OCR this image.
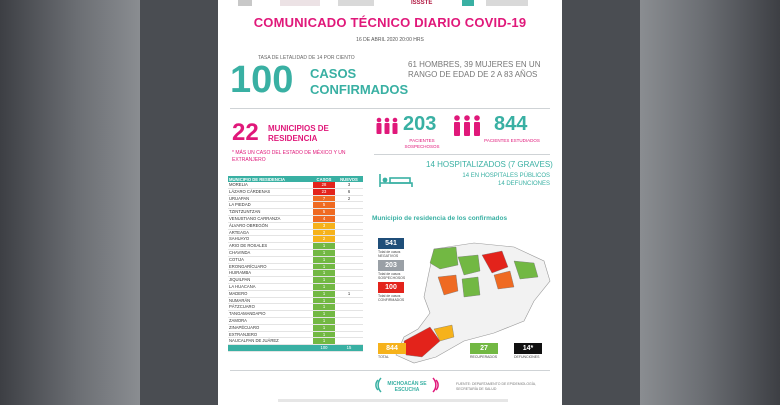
ISSSTE
COMUNICADO TÉCNICO DIARIO COVID-19
16 DE ABRIL 2020 20:00 HRS
TASA DE LETALIDAD DE 14 POR CIENTO
100 CASOS CONFIRMADOS
61 HOMBRES, 39 MUJERES EN UN RANGO DE EDAD DE 2 A 83 AÑOS
22 MUNICIPIOS DE RESIDENCIA
* MÁS UN CASO DEL ESTADO DE MÉXICO Y UN EXTRANJERO
203
PACIENTES SOSPECHOSOS
844
PACIENTES ESTUDIADOS
14 HOSPITALIZADOS (7 GRAVES)
14 EN HOSPITALES PÚBLICOS
14 DEFUNCIONES
MUNICIPIO DE RESIDENCIA	CASOS	NUEVOS
MORELIA	28	3
LÁZARO CÁRDENAS	23	6
URUAPAN	7	2
LA PIEDAD	5	
TZINTZUNTZAN	5	
VENUSTIANO CARRANZA	4	
ÁLVARO OBREGÓN	3	
ARTEAGA	2	
SAHUAYO	2	
ARIO DE ROSALES	1	
CHAVINDA	1	
COTIJA	1	
ERONGARÍCUARO	1	
HUIRAMBA	1	
JIQUILPAN	1	
LA HUACANA	1	
MADERO	1	1
NUMARÁN	1	
PÁTZCUARO	1	
TANGAMANDAPIO	1	
ZAMORA	1	
ZINAPÉCUARO	1	
EXTRANJERO	1	
NAUCALPAN DE JUÁREZ	1	
	100	15
Municipio de residencia de los confirmados
541
Total de casos NEGATIVOS
203
Total de casos SOSPECHOSOS
100
Total de casos CONFIRMADOS
844
TOTAL
27
RECUPERADOS
14*
DEFUNCIONES
MICHOACÁN SE ESCUCHA
FUENTE: DEPARTAMENTO DE EPIDEMIOLOGÍA, SECRETARÍA DE SALUD
